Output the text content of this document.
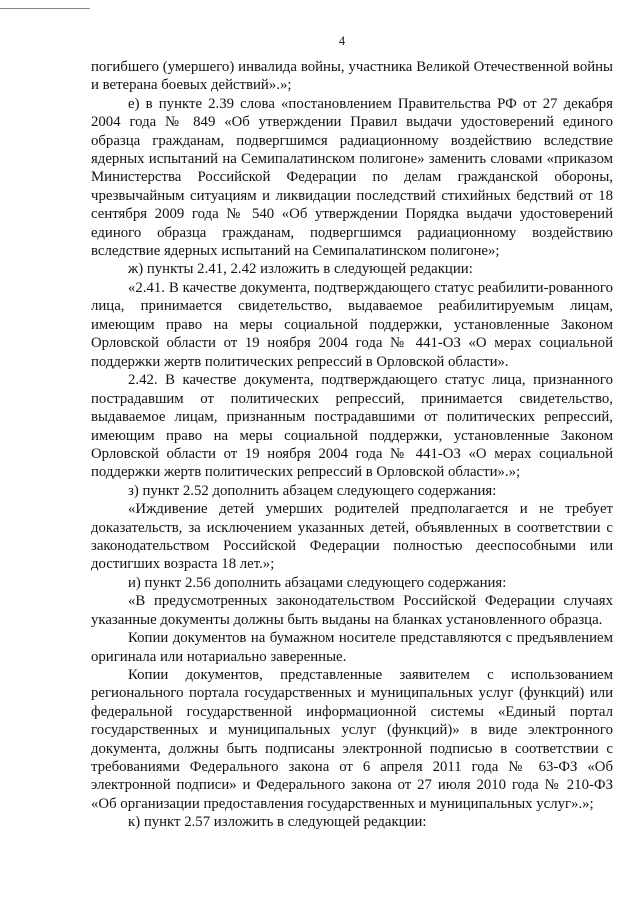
4

погибшего (умершего) инвалида войны, участника Великой Отечественной войны и ветерана боевых действий».»;

е) в пункте 2.39 слова «постановлением Правительства РФ от 27 декабря 2004 года № 849 «Об утверждении Правил выдачи удостоверений единого образца гражданам, подвергшимся радиационному воздействию вследствие ядерных испытаний на Семипалатинском полигоне» заменить словами «приказом Министерства Российской Федерации по делам гражданской обороны, чрезвычайным ситуациям и ликвидации последствий стихийных бедствий от 18 сентября 2009 года № 540 «Об утверждении Порядка выдачи удостоверений единого образца гражданам, подвергшимся радиационному воздействию вследствие ядерных испытаний на Семипалатинском полигоне»;

ж) пункты 2.41, 2.42 изложить в следующей редакции:

«2.41. В качестве документа, подтверждающего статус реабилити-рованного лица, принимается свидетельство, выдаваемое реабилитируемым лицам, имеющим право на меры социальной поддержки, установленные Законом Орловской области от 19 ноября 2004 года № 441-ОЗ «О мерах социальной поддержки жертв политических репрессий в Орловской области».

2.42. В качестве документа, подтверждающего статус лица, признанного пострадавшим от политических репрессий, принимается свидетельство, выдаваемое лицам, признанным пострадавшими от политических репрессий, имеющим право на меры социальной поддержки, установленные Законом Орловской области от 19 ноября 2004 года № 441-ОЗ «О мерах социальной поддержки жертв политических репрессий в Орловской области».»;

з) пункт 2.52 дополнить абзацем следующего содержания:

«Иждивение детей умерших родителей предполагается и не требует доказательств, за исключением указанных детей, объявленных в соответствии с законодательством Российской Федерации полностью дееспособными или достигших возраста 18 лет.»;

и) пункт 2.56 дополнить абзацами следующего содержания:

«В предусмотренных законодательством Российской Федерации случаях указанные документы должны быть выданы на бланках установленного образца.

Копии документов на бумажном носителе представляются с предъявлением оригинала или нотариально заверенные.

Копии документов, представленные заявителем с использованием регионального портала государственных и муниципальных услуг (функций) или федеральной государственной информационной системы «Единый портал государственных и муниципальных услуг (функций)» в виде электронного документа, должны быть подписаны электронной подписью в соответствии с требованиями Федерального закона от 6 апреля 2011 года № 63-ФЗ «Об электронной подписи» и Федерального закона от 27 июля 2010 года № 210-ФЗ «Об организации предоставления государственных и муниципальных услуг».»;

к) пункт 2.57 изложить в следующей редакции:
